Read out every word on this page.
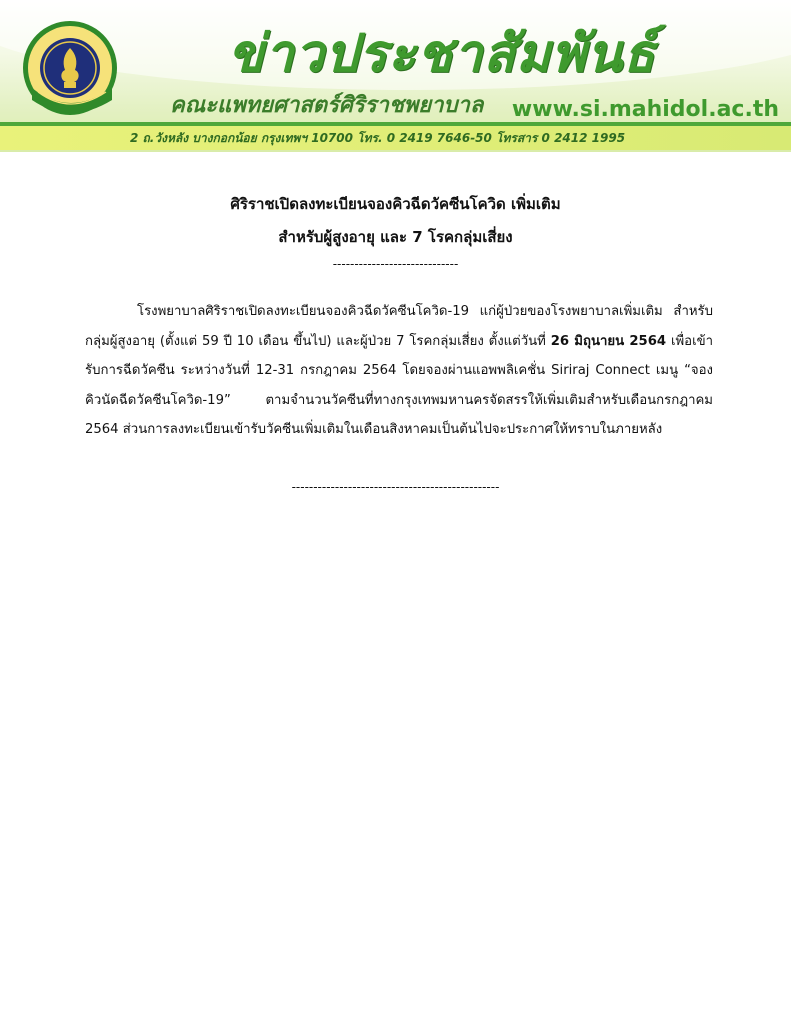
ข่าวประชาสัมพันธ์
คณะแพทยศาสตร์ศิริราชพยาบาล www.si.mahidol.ac.th
2 ถ.วังหลัง บางกอกน้อย กรุงเทพฯ 10700 โทร. 0 2419 7646-50 โทรสาร 0 2412 1995
ศิริราชเปิดลงทะเบียนจองคิวฉีดวัคซีนโควิด เพิ่มเติม
สำหรับผู้สูงอายุ และ 7 โรคกลุ่มเสี่ยง
-----------------------------

โรงพยาบาลศิริราชเปิดลงทะเบียนจองคิวฉีดวัคซีนโควิด-19 แก่ผู้ป่วยของโรงพยาบาลเพิ่มเติม สำหรับกลุ่มผู้สูงอายุ (ตั้งแต่ 59 ปี 10 เดือน ขึ้นไป) และผู้ป่วย 7 โรคกลุ่มเสี่ยง ตั้งแต่วันที่ 26 มิถุนายน 2564 เพื่อเข้ารับการฉีดวัคซีน ระหว่างวันที่ 12-31 กรกฎาคม 2564 โดยจองผ่านแอพพลิเคชั่น Siriraj Connect เมนู “จองคิวนัดฉีดวัคซีนโควิด-19” ตามจำนวนวัคซีนที่ทางกรุงเทพมหานครจัดสรรให้เพิ่มเติมสำหรับเดือนกรกฎาคม 2564 ส่วนการลงทะเบียนเข้ารับวัคซีนเพิ่มเติมในเดือนสิงหาคมเป็นต้นไปจะประกาศให้ทราบในภายหลัง

------------------------------------------------
